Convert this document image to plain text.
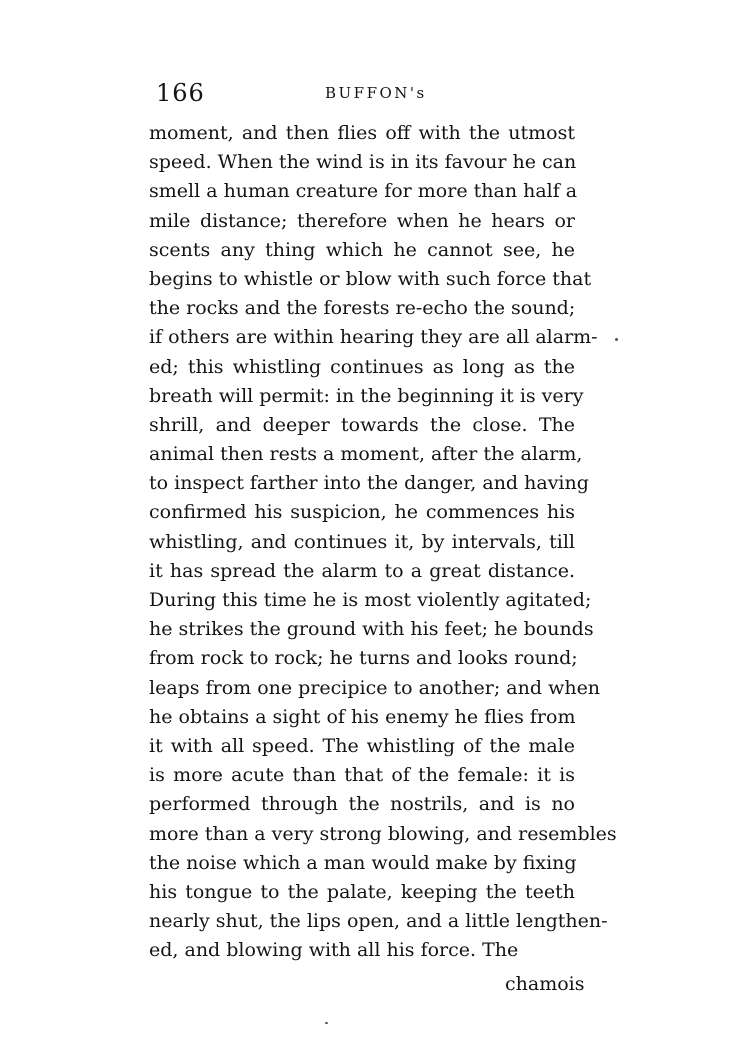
166	BUFFON's
moment, and then flies off with the utmost
speed. When the wind is in its favour he can
smell a human creature for more than half a
mile distance; therefore when he hears or
scents any thing which he cannot see, he
begins to whistle or blow with such force that
the rocks and the forests re-echo the sound;
if others are within hearing they are all alarm-
ed; this whistling continues as long as the
breath will permit: in the beginning it is very
shrill, and deeper towards the close. The
animal then rests a moment, after the alarm,
to inspect farther into the danger, and having
confirmed his suspicion, he commences his
whistling, and continues it, by intervals, till
it has spread the alarm to a great distance.
During this time he is most violently agitated;
he strikes the ground with his feet; he bounds
from rock to rock; he turns and looks round;
leaps from one precipice to another; and when
he obtains a sight of his enemy he flies from
it with all speed. The whistling of the male
is more acute than that of the female: it is
performed through the nostrils, and is no
more than a very strong blowing, and resembles
the noise which a man would make by fixing
his tongue to the palate, keeping the teeth
nearly shut, the lips open, and a little lengthen-
ed, and blowing with all his force. The
chamois
